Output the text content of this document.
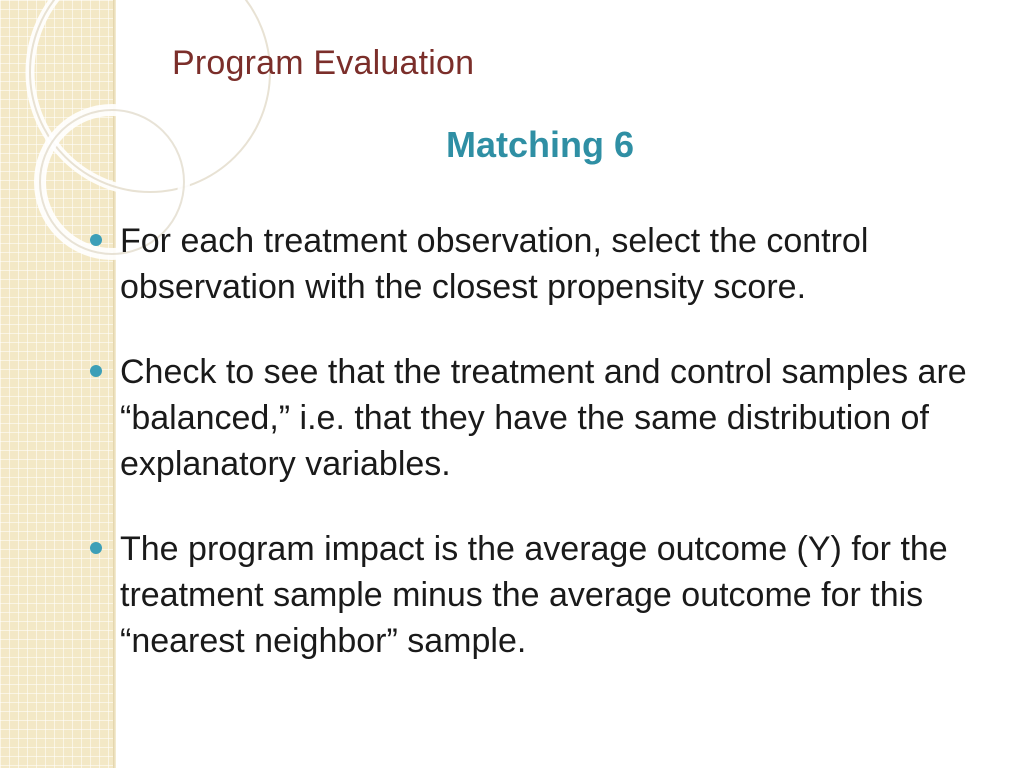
Program Evaluation
Matching 6
For each treatment observation, select the control observation with the closest propensity score.
Check to see that the treatment and control samples are “balanced,” i.e. that they have the same distribution of explanatory variables.
The program impact is the average outcome (Y) for the treatment sample minus the average outcome for this “nearest neighbor” sample.
